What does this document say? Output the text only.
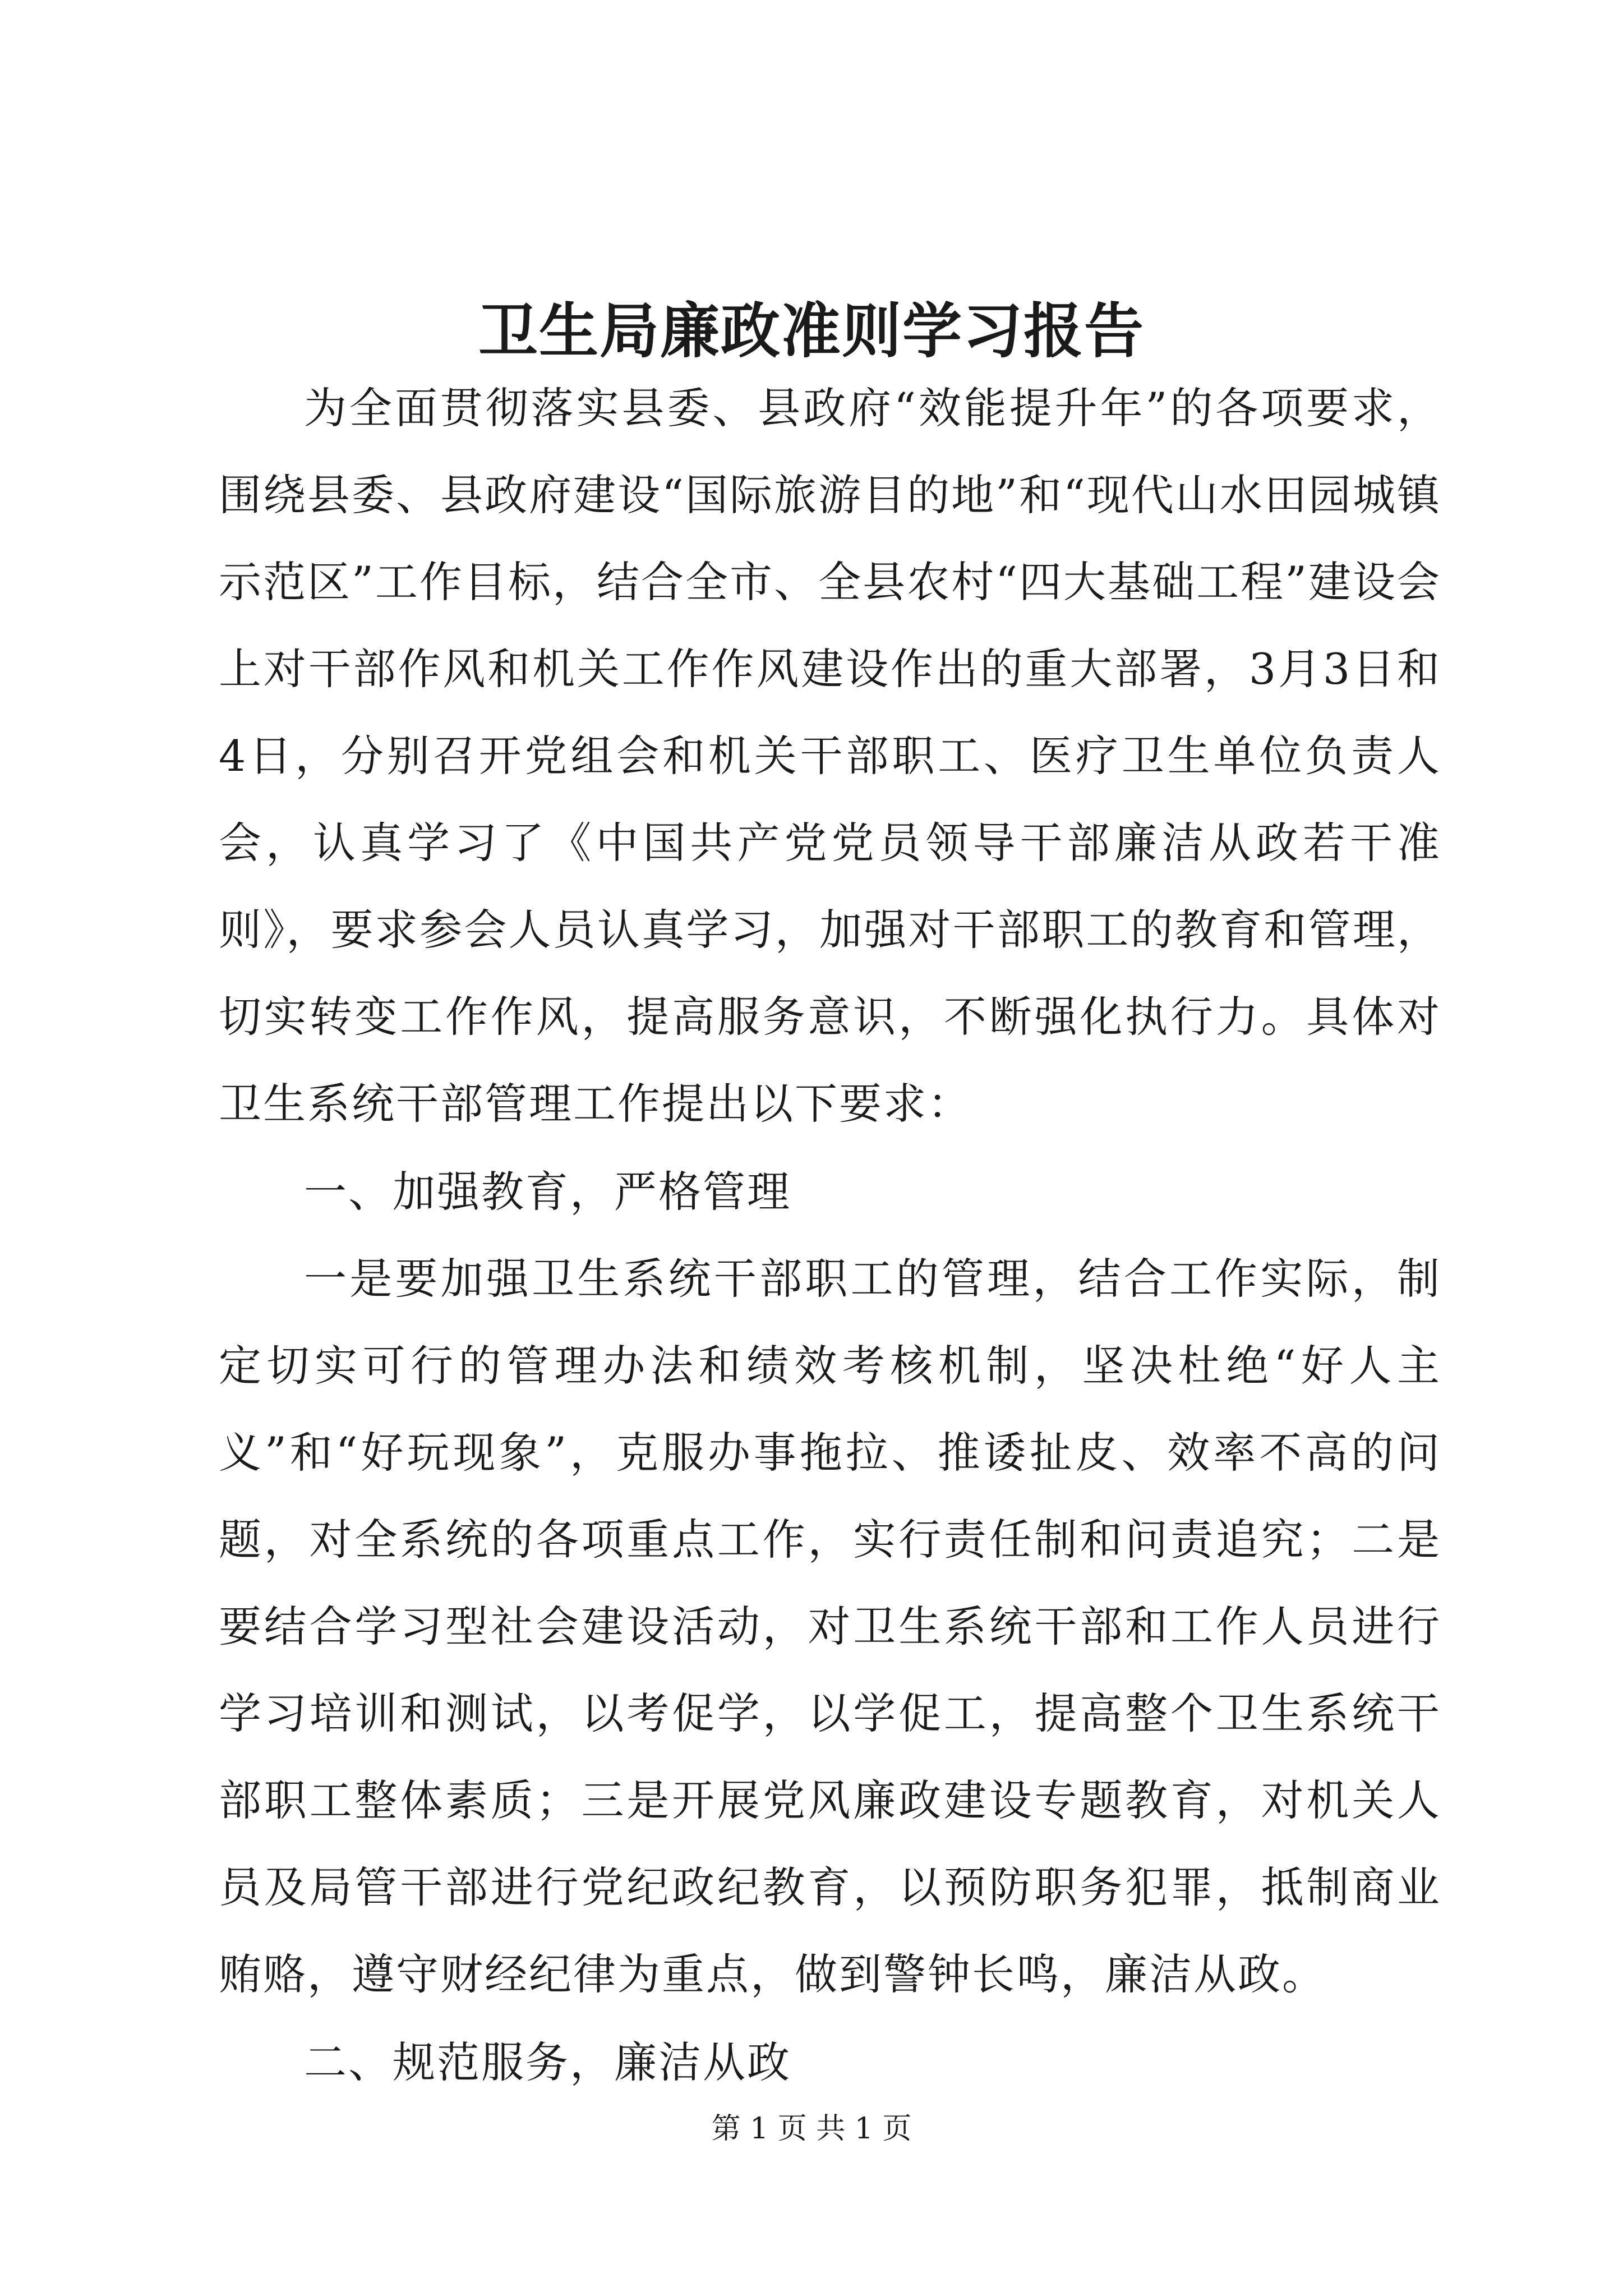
卫生局廉政准则学习报告

为全面贯彻落实县委、县政府“效能提升年”的各项要求，围绕县委、县政府建设“国际旅游目的地”和“现代山水田园城镇示范区”工作目标，结合全市、全县农村“四大基础工程”建设会上对干部作风和机关工作作风建设作出的重大部署，3月3日和4日，分别召开党组会和机关干部职工、医疗卫生单位负责人会，认真学习了《中国共产党党员领导干部廉洁从政若干准则》，要求参会人员认真学习，加强对干部职工的教育和管理，切实转变工作作风，提高服务意识，不断强化执行力。具体对卫生系统干部管理工作提出以下要求：

一、加强教育，严格管理

一是要加强卫生系统干部职工的管理，结合工作实际，制定切实可行的管理办法和绩效考核机制，坚决杜绝“好人主义”和“好玩现象”，克服办事拖拉、推诿扯皮、效率不高的问题，对全系统的各项重点工作，实行责任制和问责追究；二是要结合学习型社会建设活动，对卫生系统干部和工作人员进行学习培训和测试，以考促学，以学促工，提高整个卫生系统干部职工整体素质；三是开展党风廉政建设专题教育，对机关人员及局管干部进行党纪政纪教育，以预防职务犯罪，抵制商业贿赂，遵守财经纪律为重点，做到警钟长鸣，廉洁从政。

二、规范服务，廉洁从政

第 1 页 共 1 页
